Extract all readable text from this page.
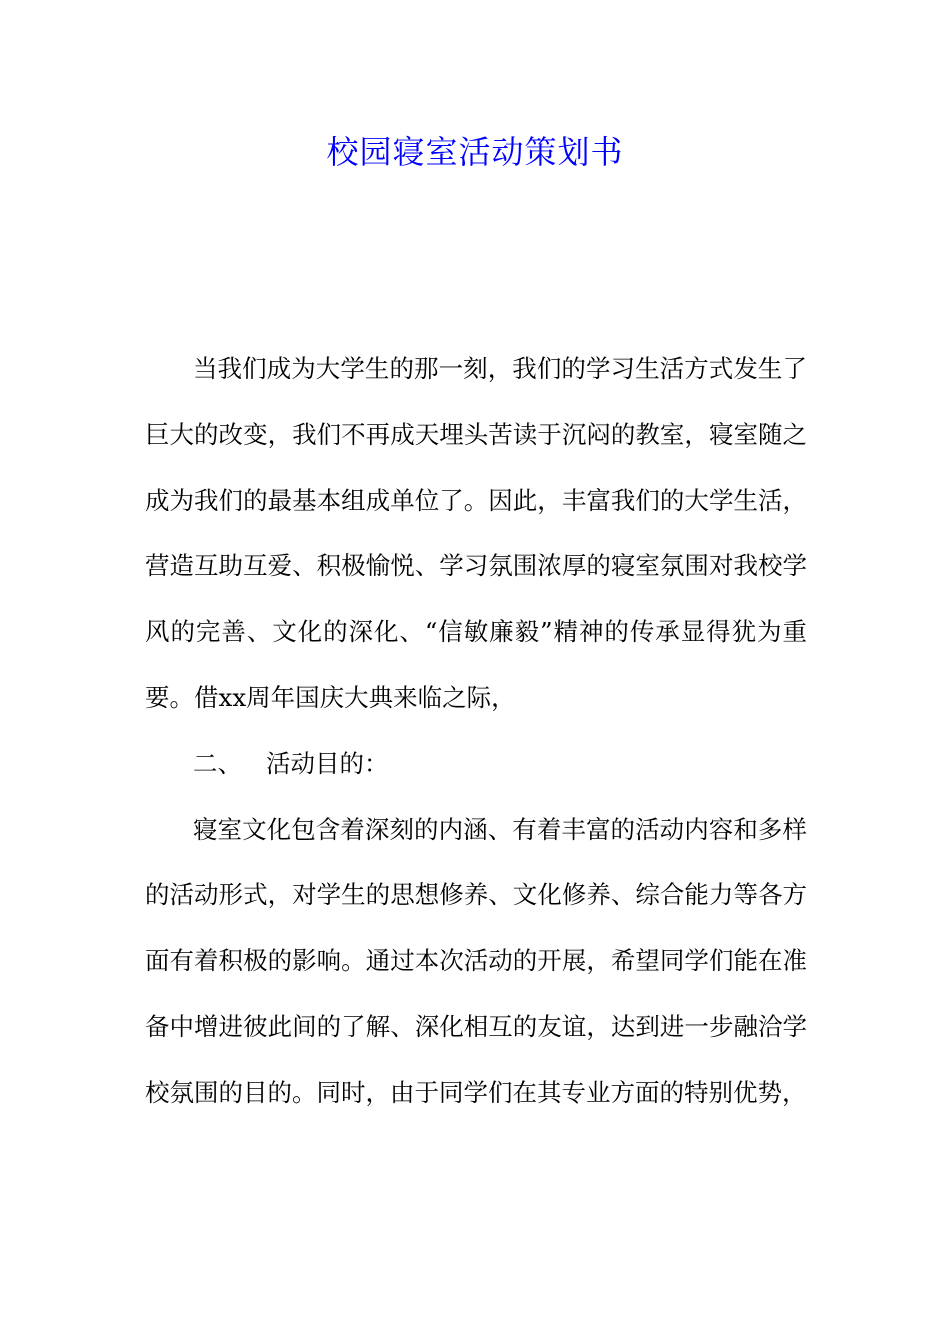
校园寝室活动策划书

当我们成为大学生的那一刻，我们的学习生活方式发生了巨大的改变，我们不再成天埋头苦读于沉闷的教室，寝室随之成为我们的最基本组成单位了。因此，丰富我们的大学生活，营造互助互爱、积极愉悦、学习氛围浓厚的寝室氛围对我校学风的完善、文化的深化、“信敏廉毅”精神的传承显得犹为重要。借xx周年国庆大典来临之际，

二、 活动目的：

寝室文化包含着深刻的内涵、有着丰富的活动内容和多样的活动形式，对学生的思想修养、文化修养、综合能力等各方面有着积极的影响。通过本次活动的开展，希望同学们能在准备中增进彼此间的了解、深化相互的友谊，达到进一步融洽学校氛围的目的。同时，由于同学们在其专业方面的特别优势，
